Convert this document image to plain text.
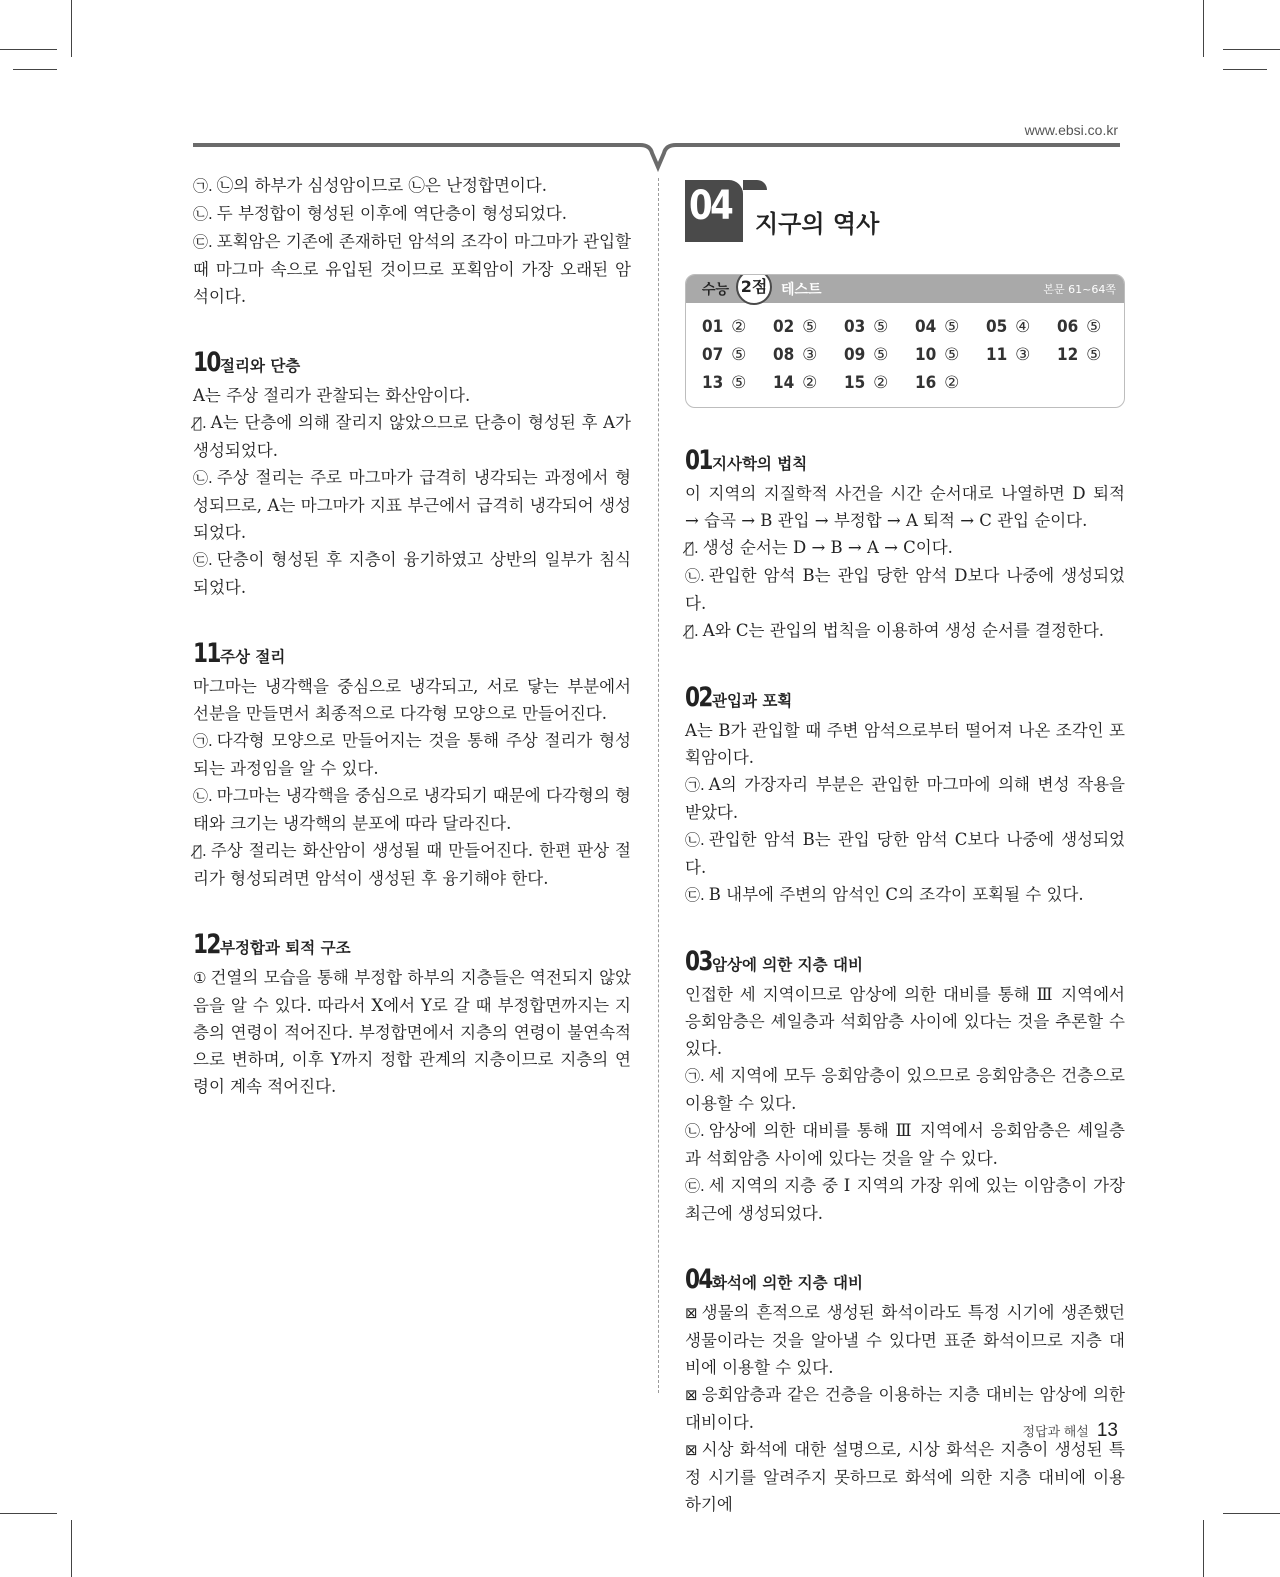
www.ebsi.co.kr

㉠. ㉡의 하부가 심성암이므로 ㉡은 난정합면이다.

㉡. 두 부정합이 형성된 이후에 역단층이 형성되었다.

㉢. 포획암은 기존에 존재하던 암석의 조각이 마그마가 관입할 때 마그마 속으로 유입된 것이므로 포획암이 가장 오래된 암석이다.

10 절리와 단층

A는 주상 절리가 관찰되는 화산암이다.

ㄱ̸. A는 단층에 의해 잘리지 않았으므로 단층이 형성된 후 A가 생성되었다.

㉡. 주상 절리는 주로 마그마가 급격히 냉각되는 과정에서 형성되므로, A는 마그마가 지표 부근에서 급격히 냉각되어 생성되었다.

㉢. 단층이 형성된 후 지층이 융기하였고 상반의 일부가 침식되었다.

11 주상 절리

마그마는 냉각핵을 중심으로 냉각되고, 서로 닿는 부분에서 선분을 만들면서 최종적으로 다각형 모양으로 만들어진다.

㉠. 다각형 모양으로 만들어지는 것을 통해 주상 절리가 형성되는 과정임을 알 수 있다.

㉡. 마그마는 냉각핵을 중심으로 냉각되기 때문에 다각형의 형태와 크기는 냉각핵의 분포에 따라 달라진다.

ㄷ̸. 주상 절리는 화산암이 생성될 때 만들어진다. 한편 판상 절리가 형성되려면 암석이 생성된 후 융기해야 한다.

12 부정합과 퇴적 구조

① 건열의 모습을 통해 부정합 하부의 지층들은 역전되지 않았음을 알 수 있다. 따라서 X에서 Y로 갈 때 부정합면까지는 지층의 연령이 적어진다. 부정합면에서 지층의 연령이 불연속적으로 변하며, 이후 Y까지 정합 관계의 지층이므로 지층의 연령이 계속 적어진다.

04 지구의 역사
수능 2점 테스트	본문 61~64쪽
01 ②	02 ⑤	03 ⑤	04 ⑤	05 ④	06 ⑤
07 ⑤	08 ③	09 ⑤	10 ⑤	11 ③	12 ⑤
13 ⑤	14 ②	15 ②	16 ②
01 지사학의 법칙

이 지역의 지질학적 사건을 시간 순서대로 나열하면 D 퇴적 → 습곡 → B 관입 → 부정합 → A 퇴적 → C 관입 순이다.

ㄱ̸. 생성 순서는 D → B → A → C이다.

㉡. 관입한 암석 B는 관입 당한 암석 D보다 나중에 생성되었다.

ㄷ̸. A와 C는 관입의 법칙을 이용하여 생성 순서를 결정한다.

02 관입과 포획

A는 B가 관입할 때 주변 암석으로부터 떨어져 나온 조각인 포획암이다.

㉠. A의 가장자리 부분은 관입한 마그마에 의해 변성 작용을 받았다.

㉡. 관입한 암석 B는 관입 당한 암석 C보다 나중에 생성되었다.

㉢. B 내부에 주변의 암석인 C의 조각이 포획될 수 있다.

03 암상에 의한 지층 대비

인접한 세 지역이므로 암상에 의한 대비를 통해 Ⅲ 지역에서 응회암층은 셰일층과 석회암층 사이에 있다는 것을 추론할 수 있다.

㉠. 세 지역에 모두 응회암층이 있으므로 응회암층은 건층으로 이용할 수 있다.

㉡. 암상에 의한 대비를 통해 Ⅲ 지역에서 응회암층은 셰일층과 석회암층 사이에 있다는 것을 알 수 있다.

㉢. 세 지역의 지층 중 Ⅰ 지역의 가장 위에 있는 이암층이 가장 최근에 생성되었다.

04 화석에 의한 지층 대비

⊠ 생물의 흔적으로 생성된 화석이라도 특정 시기에 생존했던 생물이라는 것을 알아낼 수 있다면 표준 화석이므로 지층 대비에 이용할 수 있다.

⊠ 응회암층과 같은 건층을 이용하는 지층 대비는 암상에 의한 대비이다.

⊠ 시상 화석에 대한 설명으로, 시상 화석은 지층이 생성된 특정 시기를 알려주지 못하므로 화석에 의한 지층 대비에 이용하기에

정답과 해설 13
